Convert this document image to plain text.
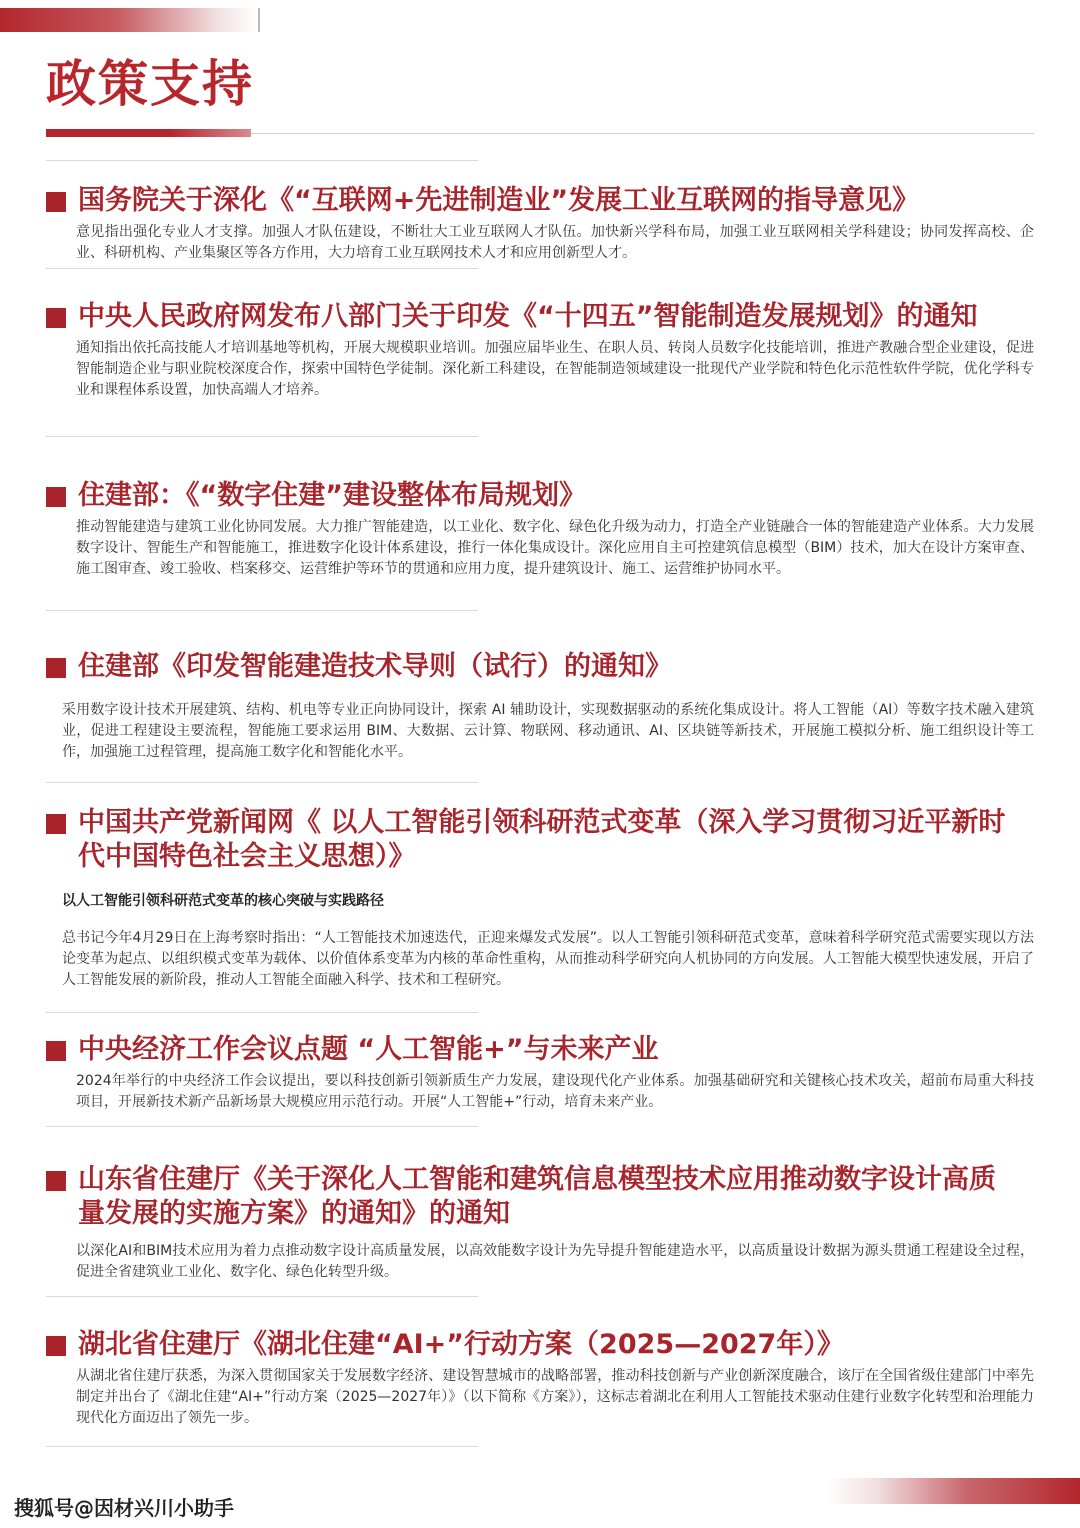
政策支持
国务院关于深化《“互联网+先进制造业”发展工业互联网的指导意见》

意见指出强化专业人才支撑。加强人才队伍建设，不断壮大工业互联网人才队伍。加快新兴学科布局，加强工业互联网相关学科建设；协同发挥高校、企业、科研机构、产业集聚区等各方作用，大力培育工业互联网技术人才和应用创新型人才。

中央人民政府网发布八部门关于印发《“十四五”智能制造发展规划》的通知

通知指出依托高技能人才培训基地等机构，开展大规模职业培训。加强应届毕业生、在职人员、转岗人员数字化技能培训，推进产教融合型企业建设，促进智能制造企业与职业院校深度合作，探索中国特色学徒制。深化新工科建设，在智能制造领域建设一批现代产业学院和特色化示范性软件学院，优化学科专业和课程体系设置，加快高端人才培养。

住建部：《“数字住建”建设整体布局规划》

推动智能建造与建筑工业化协同发展。大力推广智能建造，以工业化、数字化、绿色化升级为动力，打造全产业链融合一体的智能建造产业体系。大力发展数字设计、智能生产和智能施工，推进数字化设计体系建设，推行一体化集成设计。深化应用自主可控建筑信息模型（BIM）技术，加大在设计方案审查、施工图审查、竣工验收、档案移交、运营维护等环节的贯通和应用力度，提升建筑设计、施工、运营维护协同水平。

住建部《印发智能建造技术导则（试行）的通知》

采用数字设计技术开展建筑、结构、机电等专业正向协同设计，探索 AI 辅助设计，实现数据驱动的系统化集成设计。将人工智能（AI）等数字技术融入建筑业，促进工程建设主要流程，智能施工要求运用 BIM、大数据、云计算、物联网、移动通讯、AI、区块链等新技术，开展施工模拟分析、施工组织设计等工作，加强施工过程管理，提高施工数字化和智能化水平。

中国共产党新闻网《 以人工智能引领科研范式变革（深入学习贯彻习近平新时代中国特色社会主义思想）》

以人工智能引领科研范式变革的核心突破与实践路径

总书记今年4月29日在上海考察时指出：“人工智能技术加速迭代，正迎来爆发式发展”。以人工智能引领科研范式变革，意味着科学研究范式需要实现以方法论变革为起点、以组织模式变革为载体、以价值体系变革为内核的革命性重构，从而推动科学研究向人机协同的方向发展。人工智能大模型快速发展，开启了人工智能发展的新阶段，推动人工智能全面融入科学、技术和工程研究。

中央经济工作会议点题 “人工智能+”与未来产业

2024年举行的中央经济工作会议提出，要以科技创新引领新质生产力发展，建设现代化产业体系。加强基础研究和关键核心技术攻关，超前布局重大科技项目，开展新技术新产品新场景大规模应用示范行动。开展“人工智能+”行动，培育未来产业。

山东省住建厅《关于深化人工智能和建筑信息模型技术应用推动数字设计高质量发展的实施方案》的通知》的通知

以深化AI和BIM技术应用为着力点推动数字设计高质量发展，以高效能数字设计为先导提升智能建造水平，以高质量设计数据为源头贯通工程建设全过程，促进全省建筑业工业化、数字化、绿色化转型升级。

湖北省住建厅《湖北住建“AI+”行动方案（2025—2027年）》

从湖北省住建厅获悉，为深入贯彻国家关于发展数字经济、建设智慧城市的战略部署，推动科技创新与产业创新深度融合，该厅在全国省级住建部门中率先制定并出台了《湖北住建“AI+”行动方案（2025—2027年）》（以下简称《方案》），这标志着湖北在利用人工智能技术驱动住建行业数字化转型和治理能力现代化方面迈出了领先一步。

搜狐号@因材兴川小助手
